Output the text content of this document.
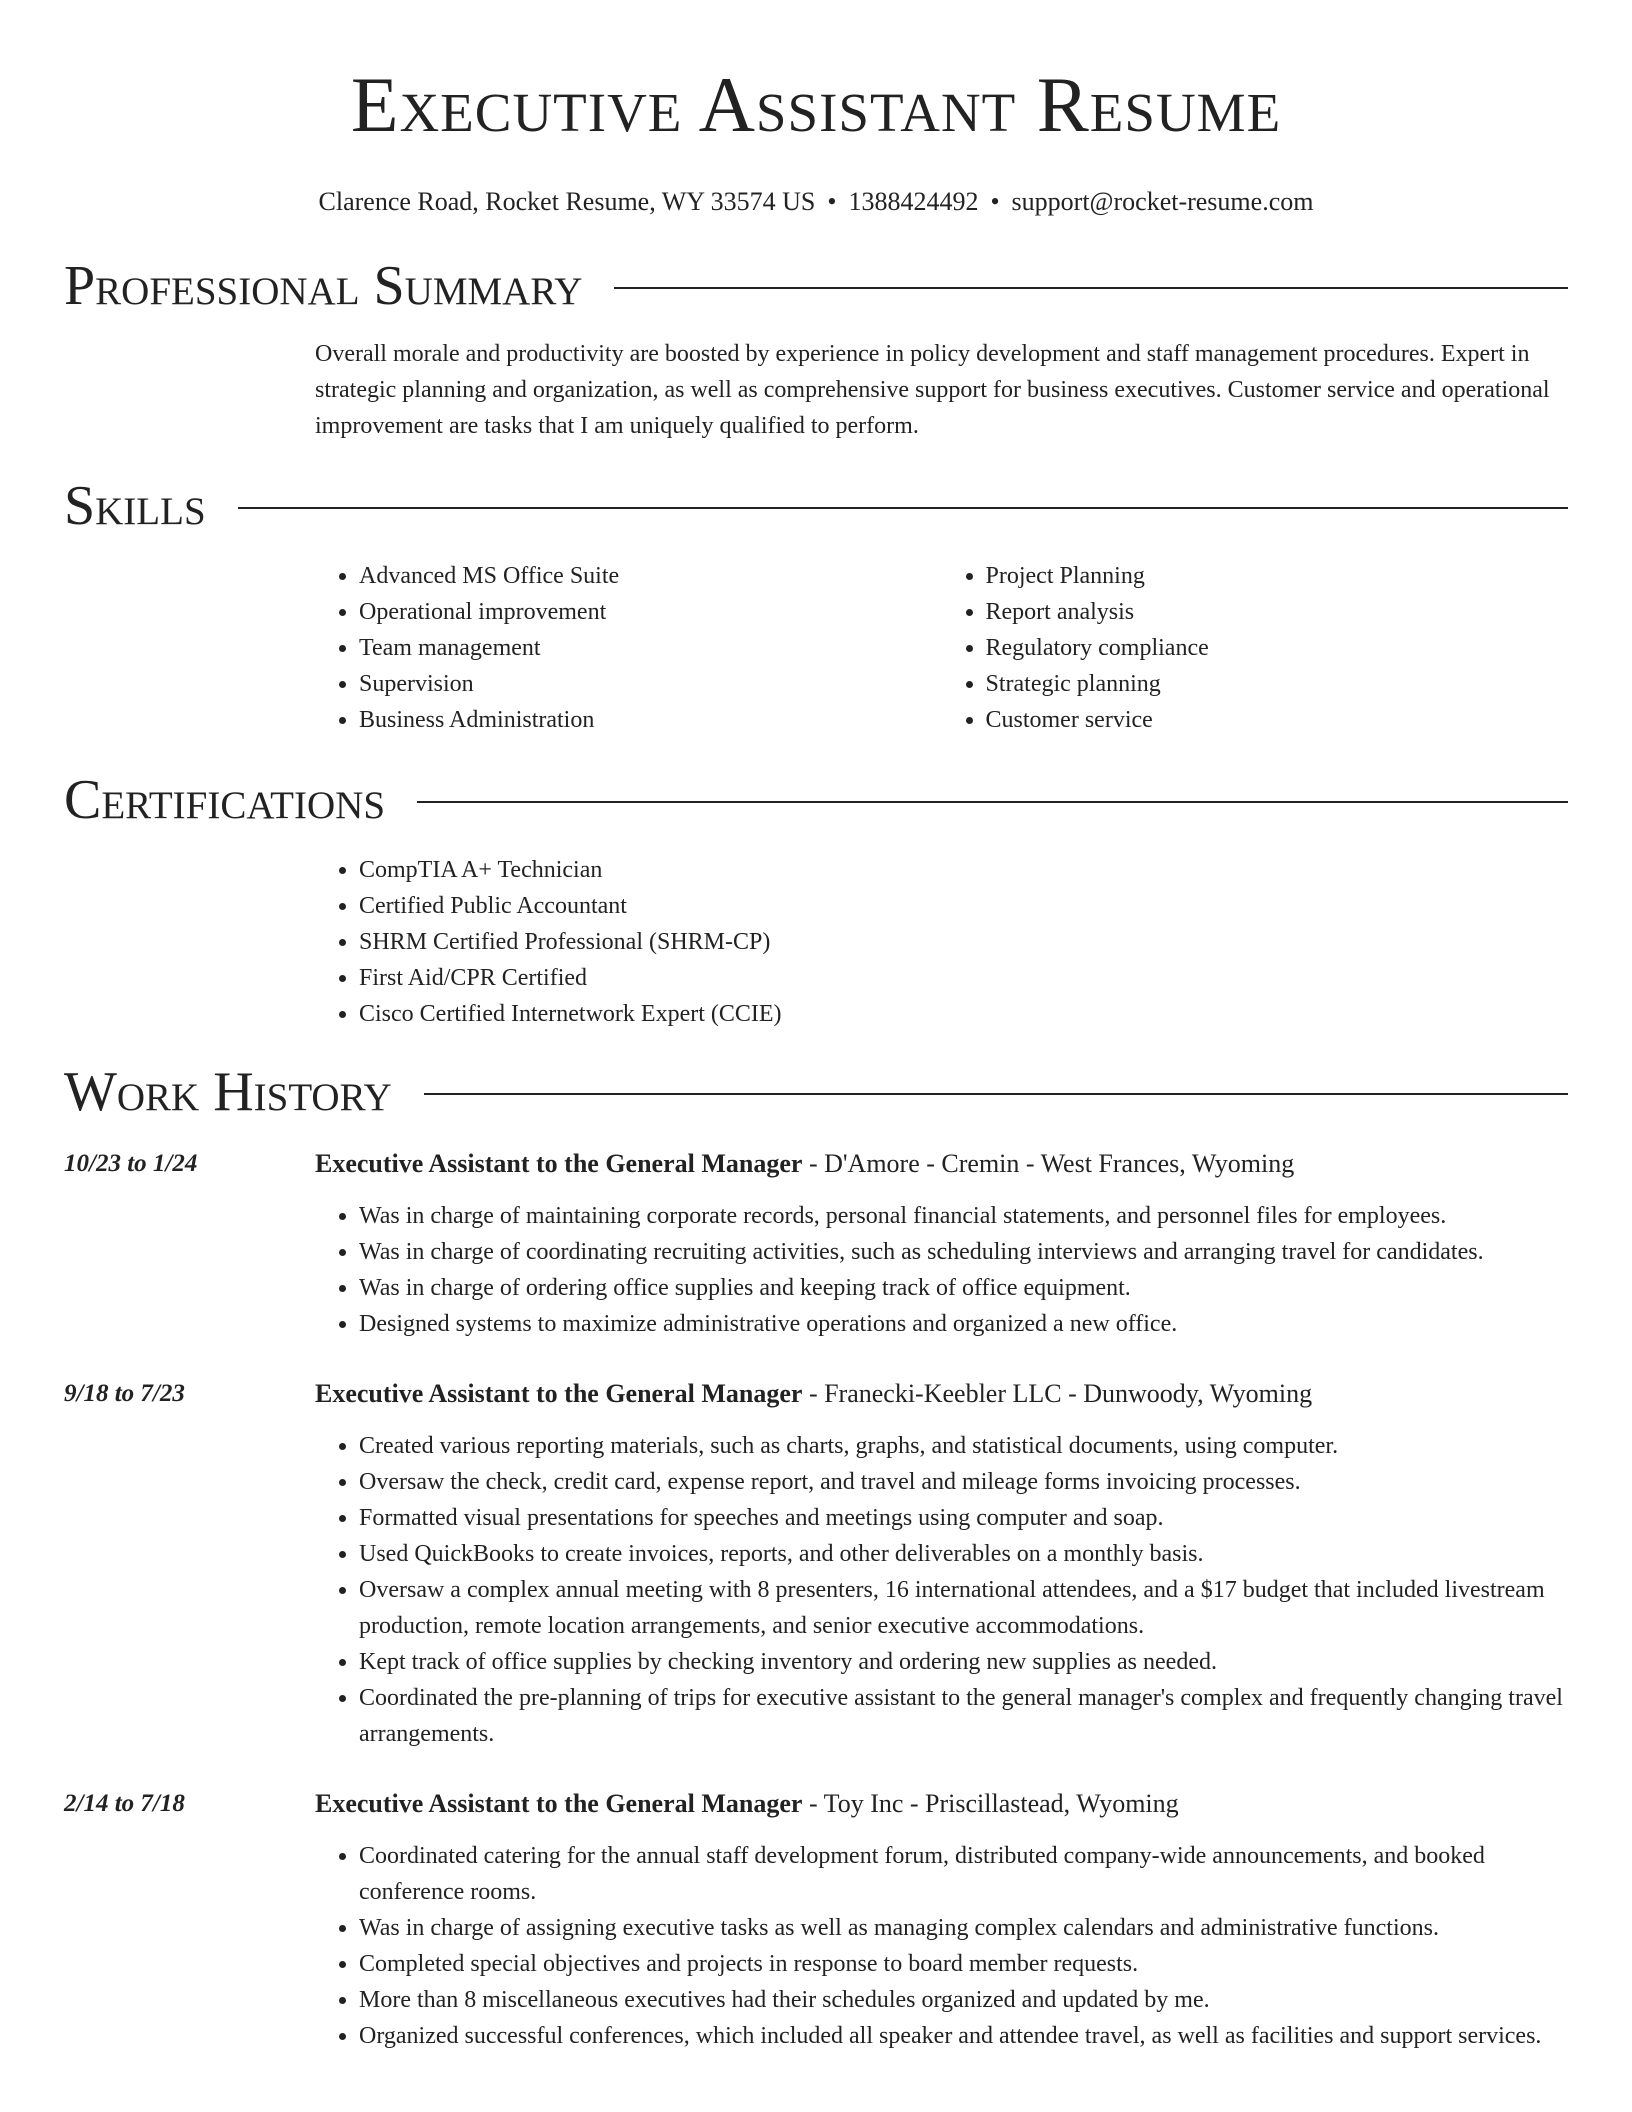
Executive Assistant Resume
Clarence Road, Rocket Resume, WY 33574 US • 1388424492 • support@rocket-resume.com
Professional Summary
Overall morale and productivity are boosted by experience in policy development and staff management procedures. Expert in strategic planning and organization, as well as comprehensive support for business executives. Customer service and operational improvement are tasks that I am uniquely qualified to perform.
Skills
• Advanced MS Office Suite
• Operational improvement
• Team management
• Supervision
• Business Administration
• Project Planning
• Report analysis
• Regulatory compliance
• Strategic planning
• Customer service
Certifications
• CompTIA A+ Technician
• Certified Public Accountant
• SHRM Certified Professional (SHRM-CP)
• First Aid/CPR Certified
• Cisco Certified Internetwork Expert (CCIE)
Work History
10/23 to 1/24	Executive Assistant to the General Manager - D'Amore - Cremin - West Frances, Wyoming
• Was in charge of maintaining corporate records, personal financial statements, and personnel files for employees.
• Was in charge of coordinating recruiting activities, such as scheduling interviews and arranging travel for candidates.
• Was in charge of ordering office supplies and keeping track of office equipment.
• Designed systems to maximize administrative operations and organized a new office.
9/18 to 7/23	Executive Assistant to the General Manager - Franecki-Keebler LLC - Dunwoody, Wyoming
• Created various reporting materials, such as charts, graphs, and statistical documents, using computer.
• Oversaw the check, credit card, expense report, and travel and mileage forms invoicing processes.
• Formatted visual presentations for speeches and meetings using computer and soap.
• Used QuickBooks to create invoices, reports, and other deliverables on a monthly basis.
• Oversaw a complex annual meeting with 8 presenters, 16 international attendees, and a $17 budget that included livestream production, remote location arrangements, and senior executive accommodations.
• Kept track of office supplies by checking inventory and ordering new supplies as needed.
• Coordinated the pre-planning of trips for executive assistant to the general manager's complex and frequently changing travel arrangements.
2/14 to 7/18	Executive Assistant to the General Manager - Toy Inc - Priscillastead, Wyoming
• Coordinated catering for the annual staff development forum, distributed company-wide announcements, and booked conference rooms.
• Was in charge of assigning executive tasks as well as managing complex calendars and administrative functions.
• Completed special objectives and projects in response to board member requests.
• More than 8 miscellaneous executives had their schedules organized and updated by me.
• Organized successful conferences, which included all speaker and attendee travel, as well as facilities and support services.
